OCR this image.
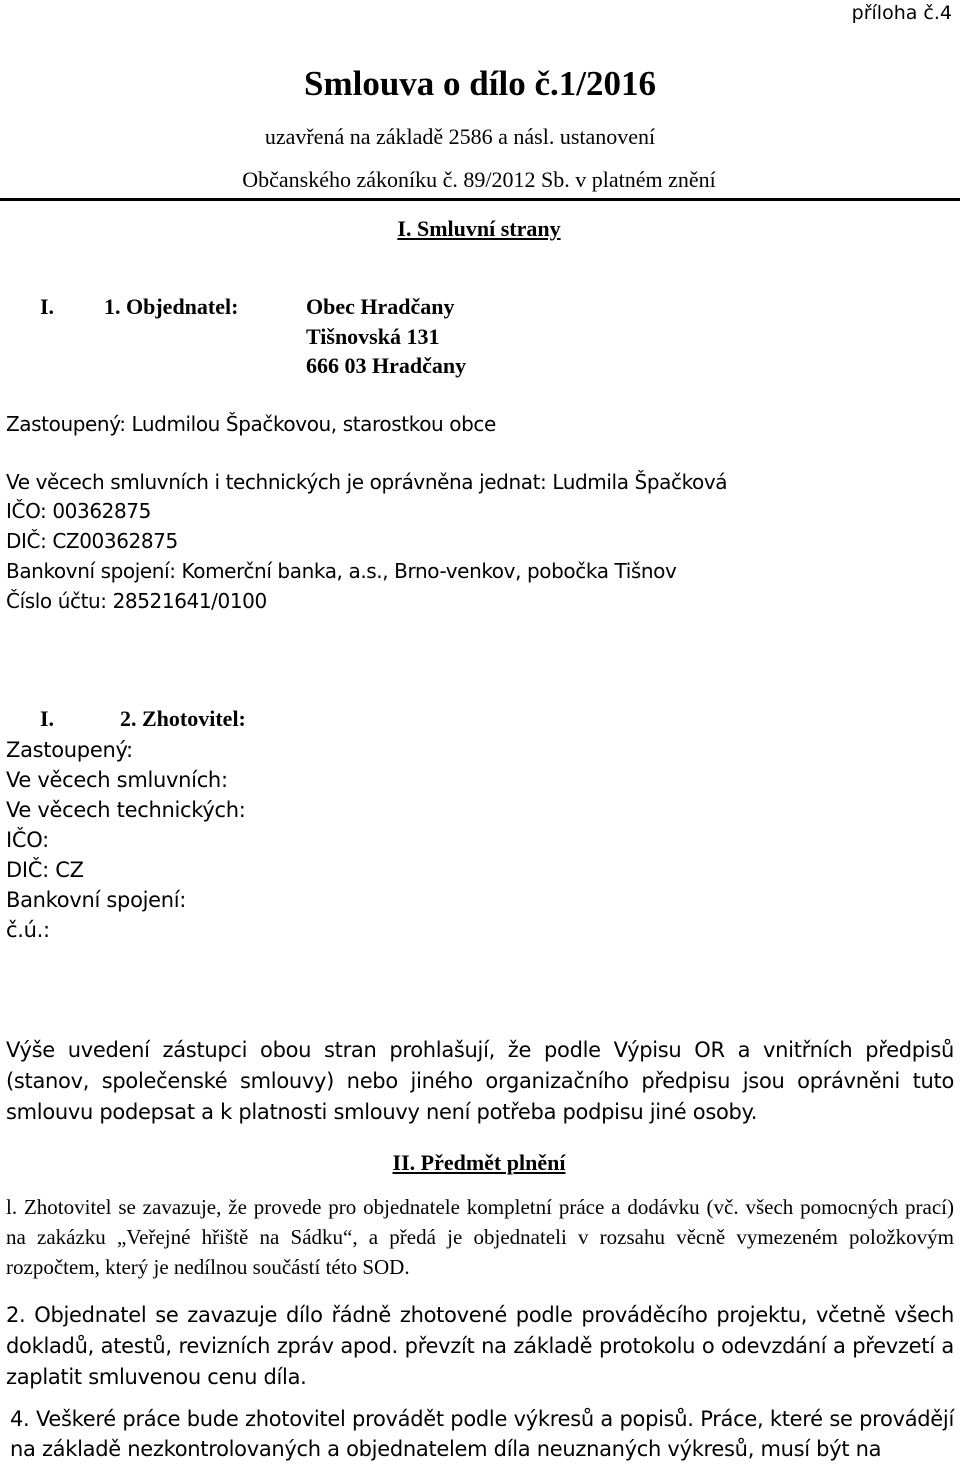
příloha č.4
Smlouva o dílo č.1/2016
uzavřená na základě 2586 a násl. ustanovení
Občanského zákoníku č. 89/2012 Sb. v platném znění
I. Smluvní strany
I. 1. Objednatel:	Obec Hradčany
Tišnovská 131
666 03 Hradčany
Zastoupený: Ludmilou Špačkovou, starostkou obce
Ve věcech smluvních i technických je oprávněna jednat: Ludmila Špačková
IČO: 00362875
DIČ: CZ00362875
Bankovní spojení: Komerční banka, a.s., Brno-venkov, pobočka Tišnov
Číslo účtu: 28521641/0100
I.	2. Zhotovitel:
Zastoupený:
Ve věcech smluvních:
Ve věcech technických:
IČO:
DIČ: CZ
Bankovní spojení:
č.ú.:
Výše uvedení zástupci obou stran prohlašují, že podle Výpisu OR a vnitřních předpisů (stanov, společenské smlouvy) nebo jiného organizačního předpisu jsou oprávněni tuto smlouvu podepsat a k platnosti smlouvy není potřeba podpisu jiné osoby.
II. Předmět plnění
l. Zhotovitel se zavazuje, že provede pro objednatele kompletní práce a dodávku (vč. všech pomocných prací) na zakázku „Veřejné hřiště na Sádku“, a předá je objednateli v rozsahu věcně vymezeném položkovým rozpočtem, který je nedílnou součástí této SOD.
2. Objednatel se zavazuje dílo řádně zhotovené podle prováděcího projektu, včetně všech dokladů, atestů, revizních zpráv apod. převzít na základě protokolu o odevzdání a převzetí a zaplatit smluvenou cenu díla.
4. Veškeré práce bude zhotovitel provádět podle výkresů a popisů. Práce, které se provádějí na základě nezkontrolovaných a objednatelem díla neuznaných výkresů, musí být na
